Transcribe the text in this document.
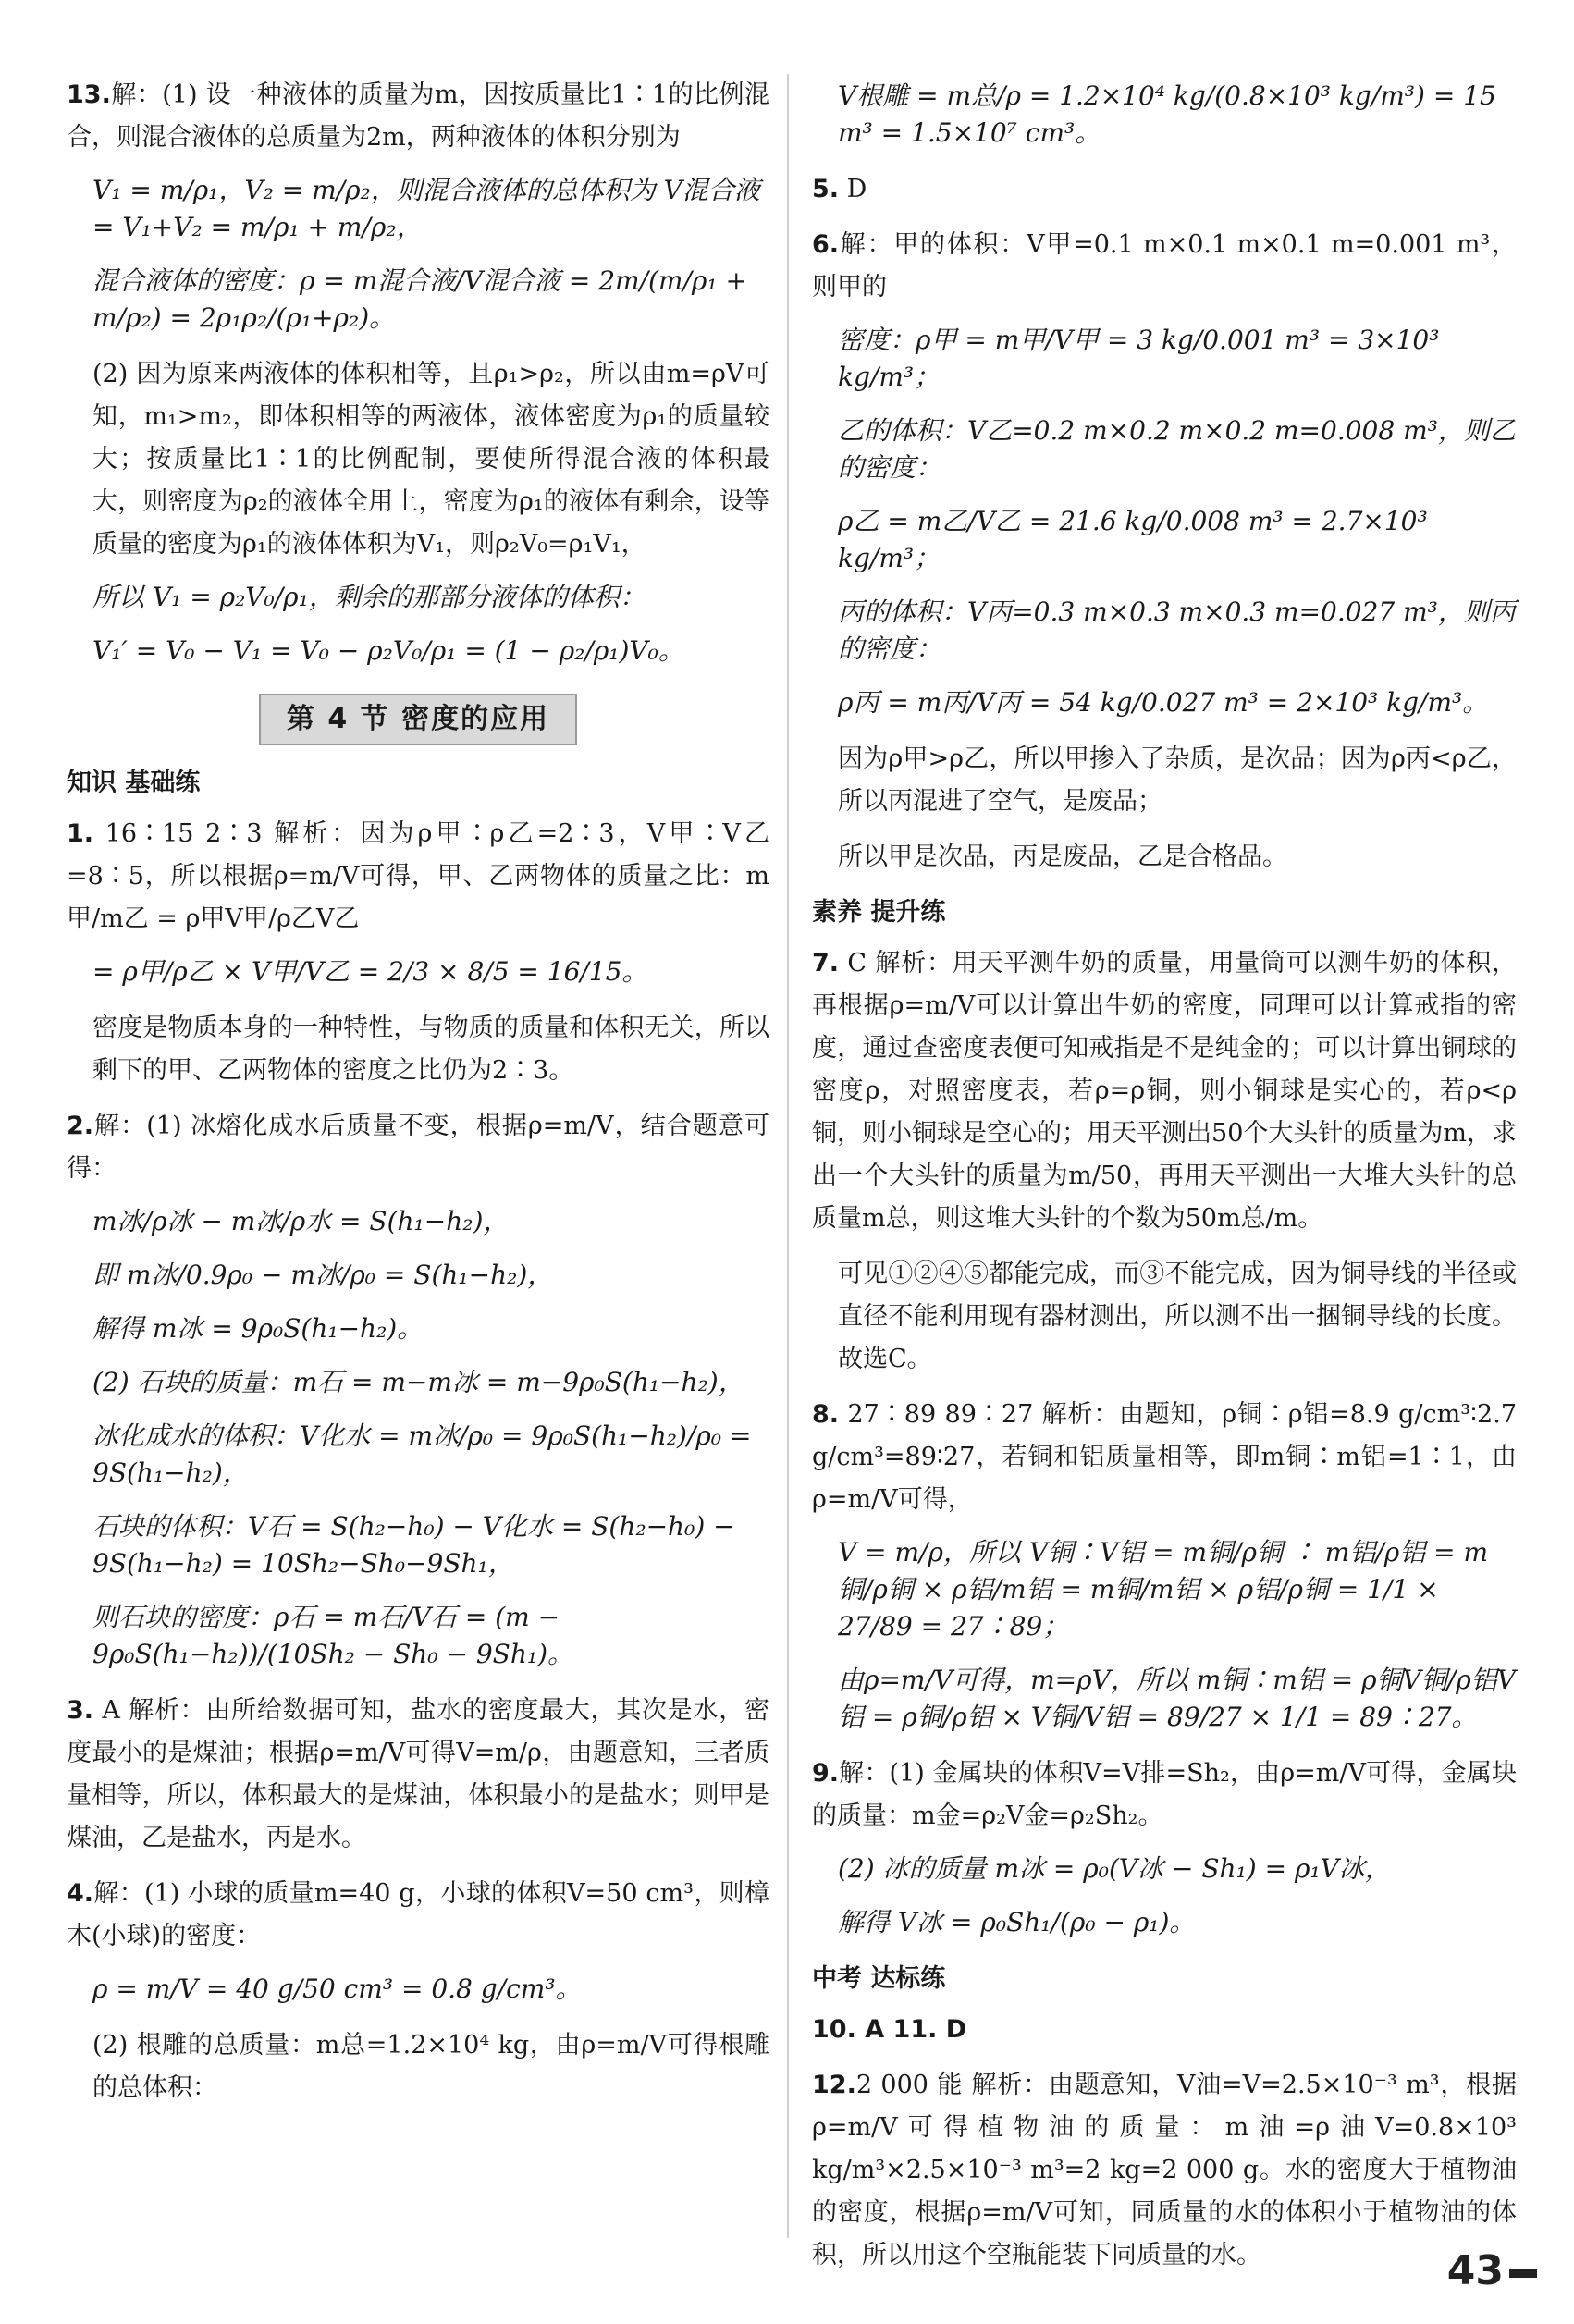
13.解：(1) 设一种液体的质量为m，因按质量比1∶1的比例混合，则混合液体的总质量为2m，两种液体的体积分别为

V₁ = m/ρ₁，V₂ = m/ρ₂，则混合液体的总体积为 V混合液 = V₁+V₂ = m/ρ₁ + m/ρ₂，
混合液体的密度：ρ = m混合液/V混合液 = 2m/(m/ρ₁ + m/ρ₂) = 2ρ₁ρ₂/(ρ₁+ρ₂)。

(2) 因为原来两液体的体积相等，且ρ₁>ρ₂，所以由m=ρV可知，m₁>m₂，即体积相等的两液体，液体密度为ρ₁的质量较大；按质量比1∶1的比例配制，要使所得混合液的体积最大，则密度为ρ₂的液体全用上，密度为ρ₁的液体有剩余，设等质量的密度为ρ₁的液体体积为V₁，则ρ₂V₀=ρ₁V₁，

所以 V₁ = ρ₂V₀/ρ₁，剩余的那部分液体的体积：
V₁′ = V₀ − V₁ = V₀ − ρ₂V₀/ρ₁ = (1 − ρ₂/ρ₁)V₀。
第 4 节 密度的应用
知识 基础练

1. 16∶15 2∶3 解析：因为ρ甲∶ρ乙=2∶3，V甲∶V乙=8∶5，所以根据ρ=m/V可得，甲、乙两物体的质量之比：m甲/m乙 = ρ甲V甲/ρ乙V乙

= ρ甲/ρ乙 × V甲/V乙 = 2/3 × 8/5 = 16/15。

密度是物质本身的一种特性，与物质的质量和体积无关，所以剩下的甲、乙两物体的密度之比仍为2∶3。

2.解：(1) 冰熔化成水后质量不变，根据ρ=m/V，结合题意可得：

m冰/ρ冰 − m冰/ρ水 = S(h₁−h₂)，
即 m冰/0.9ρ₀ − m冰/ρ₀ = S(h₁−h₂)，
解得 m冰 = 9ρ₀S(h₁−h₂)。
(2) 石块的质量：m石 = m−m冰 = m−9ρ₀S(h₁−h₂)，
冰化成水的体积：V化水 = m冰/ρ₀ = 9ρ₀S(h₁−h₂)/ρ₀ = 9S(h₁−h₂)，
石块的体积：V石 = S(h₂−h₀) − V化水 = S(h₂−h₀) − 9S(h₁−h₂) = 10Sh₂−Sh₀−9Sh₁，
则石块的密度：ρ石 = m石/V石 = (m − 9ρ₀S(h₁−h₂))/(10Sh₂ − Sh₀ − 9Sh₁)。

3. A 解析：由所给数据可知，盐水的密度最大，其次是水，密度最小的是煤油；根据ρ=m/V可得V=m/ρ，由题意知，三者质量相等，所以，体积最大的是煤油，体积最小的是盐水；则甲是煤油，乙是盐水，丙是水。

4.解：(1) 小球的质量m=40 g，小球的体积V=50 cm³，则樟木(小球)的密度：

ρ = m/V = 40 g/50 cm³ = 0.8 g/cm³。

(2) 根雕的总质量：m总=1.2×10⁴ kg，由ρ=m/V可得根雕的总体积：

V根雕 = m总/ρ = 1.2×10⁴ kg/(0.8×10³ kg/m³) = 15 m³ = 1.5×10⁷ cm³。

5. D

6.解：甲的体积：V甲=0.1 m×0.1 m×0.1 m=0.001 m³，则甲的

密度：ρ甲 = m甲/V甲 = 3 kg/0.001 m³ = 3×10³ kg/m³；
乙的体积：V乙=0.2 m×0.2 m×0.2 m=0.008 m³，则乙的密度：
ρ乙 = m乙/V乙 = 21.6 kg/0.008 m³ = 2.7×10³ kg/m³；
丙的体积：V丙=0.3 m×0.3 m×0.3 m=0.027 m³，则丙的密度：
ρ丙 = m丙/V丙 = 54 kg/0.027 m³ = 2×10³ kg/m³。

因为ρ甲>ρ乙，所以甲掺入了杂质，是次品；因为ρ丙<ρ乙，所以丙混进了空气，是废品；

所以甲是次品，丙是废品，乙是合格品。

素养 提升练

7. C 解析：用天平测牛奶的质量，用量筒可以测牛奶的体积，再根据ρ=m/V可以计算出牛奶的密度，同理可以计算戒指的密度，通过查密度表便可知戒指是不是纯金的；可以计算出铜球的密度ρ，对照密度表，若ρ=ρ铜，则小铜球是实心的，若ρ<ρ铜，则小铜球是空心的；用天平测出50个大头针的质量为m，求出一个大头针的质量为m/50，再用天平测出一大堆大头针的总质量m总，则这堆大头针的个数为50m总/m。

可见①②④⑤都能完成，而③不能完成，因为铜导线的半径或直径不能利用现有器材测出，所以测不出一捆铜导线的长度。故选C。

8. 27∶89 89∶27 解析：由题知，ρ铜∶ρ铝=8.9 g/cm³∶2.7 g/cm³=89∶27，若铜和铝质量相等，即m铜∶m铝=1∶1，由ρ=m/V可得，

V = m/ρ，所以 V铜∶V铝 = m铜/ρ铜 ∶ m铝/ρ铝 = m铜/ρ铜 × ρ铝/m铝 = m铜/m铝 × ρ铝/ρ铜 = 1/1 × 27/89 = 27∶89；
由ρ=m/V可得，m=ρV，所以 m铜∶m铝 = ρ铜V铜/ρ铝V铝 = ρ铜/ρ铝 × V铜/V铝 = 89/27 × 1/1 = 89∶27。

9.解：(1) 金属块的体积V=V排=Sh₂，由ρ=m/V可得，金属块的质量：m金=ρ₂V金=ρ₂Sh₂。

(2) 冰的质量 m冰 = ρ₀(V冰 − Sh₁) = ρ₁V冰，
解得 V冰 = ρ₀Sh₁/(ρ₀ − ρ₁)。
中考 达标练

10. A 11. D

12.2 000 能 解析：由题意知，V油=V=2.5×10⁻³ m³，根据ρ=m/V可得植物油的质量：m油=ρ油V=0.8×10³ kg/m³×2.5×10⁻³ m³=2 kg=2 000 g。水的密度大于植物油的密度，根据ρ=m/V可知，同质量的水的体积小于植物油的体积，所以用这个空瓶能装下同质量的水。	43
